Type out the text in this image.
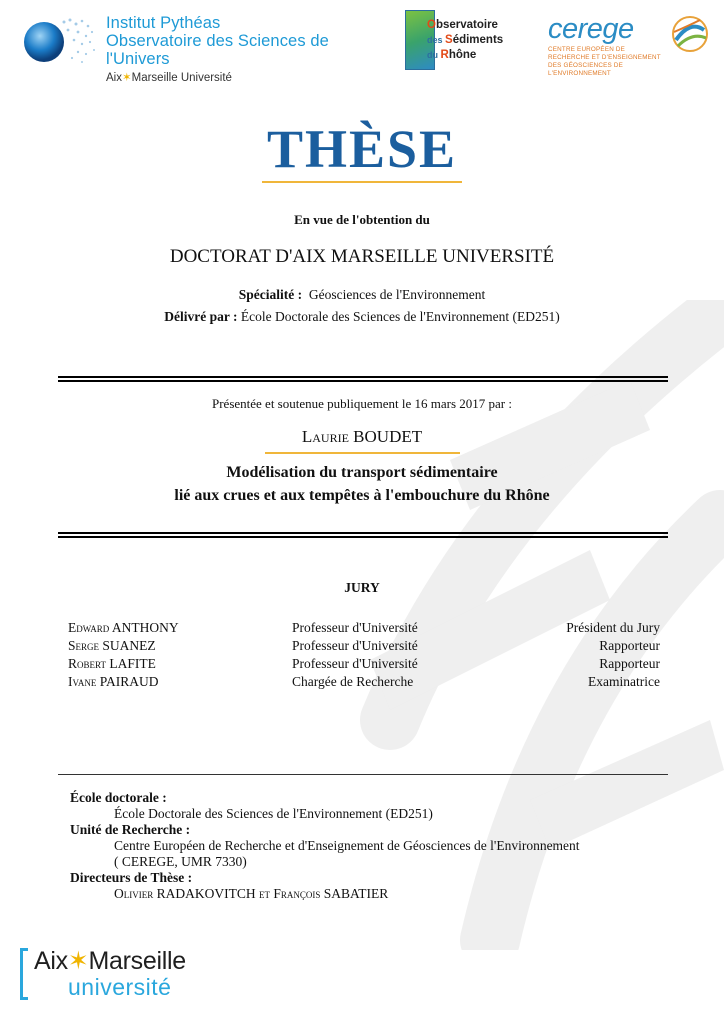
Institut Pythéas
Observatoire des Sciences de l'Univers
Aix✶Marseille Université
Observatoire
des Sédiments
du Rhône
cerege
CENTRE EUROPÉEN DE RECHERCHE ET D'ENSEIGNEMENT DES GÉOSCIENCES DE L'ENVIRONNEMENT
THÈSE
En vue de l'obtention du
DOCTORAT D'AIX MARSEILLE UNIVERSITÉ
Spécialité : Géosciences de l'Environnement
Délivré par : École Doctorale des Sciences de l'Environnement (ED251)
Présentée et soutenue publiquement le 16 mars 2017 par :
Laurie BOUDET
Modélisation du transport sédimentaire
lié aux crues et aux tempêtes à l'embouchure du Rhône
JURY
Edward ANTHONY	Professeur d'Université	Président du Jury
Serge SUANEZ	Professeur d'Université	Rapporteur
Robert LAFITE	Professeur d'Université	Rapporteur
Ivane PAIRAUD	Chargée de Recherche	Examinatrice
École doctorale :
École Doctorale des Sciences de l'Environnement (ED251)
Unité de Recherche :
Centre Européen de Recherche et d'Enseignement de Géosciences de l'Environnement
( CEREGE, UMR 7330)
Directeurs de Thèse :
Olivier RADAKOVITCH et François SABATIER
Aix✶Marseille
université
